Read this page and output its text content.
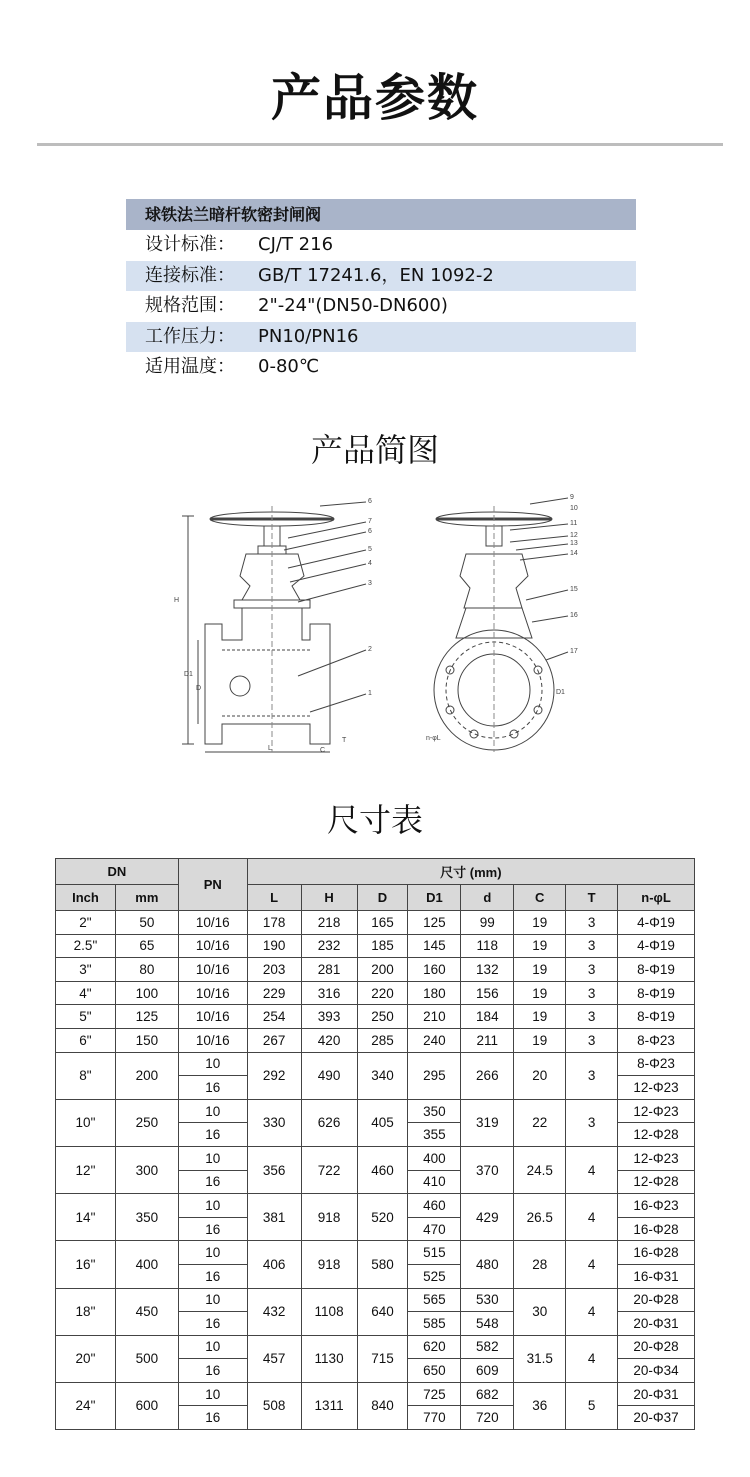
产品参数
球铁法兰暗杆软密封闸阀
设计标准：	CJ/T 216
连接标准：	GB/T 17241.6，EN 1092-2
规格范围：	2"-24"(DN50-DN600)
工作压力：	PN10/PN16
适用温度：	0-80℃
产品简图
6
7
6
5
4
3
2
1
9
10
11
12
13
14
15
16
17
H
L
D1
D
C
T	n-φL
D1
尺寸表
DN		PN	尺寸 (mm)							
Inch	mm		L	H	D	D1	d	C	T	n-φL
2"	50	10/16	178	218	165	125	99	19	3	4-Φ19
2.5"	65	10/16	190	232	185	145	118	19	3	4-Φ19
3"	80	10/16	203	281	200	160	132	19	3	8-Φ19
4"	100	10/16	229	316	220	180	156	19	3	8-Φ19
5"	125	10/16	254	393	250	210	184	19	3	8-Φ19
6"	150	10/16	267	420	285	240	211	19	3	8-Φ23
8"	200	10	292	490	340	295	266	20	3	8-Φ23
		16								12-Φ23
10"	250	10	330	626	405	350	319	22	3	12-Φ23
		16				355				12-Φ28
12"	300	10	356	722	460	400	370	24.5	4	12-Φ23
		16				410				12-Φ28
14"	350	10	381	918	520	460	429	26.5	4	16-Φ23
		16				470				16-Φ28
16"	400	10	406	918	580	515	480	28	4	16-Φ28
		16				525				16-Φ31
18"	450	10	432	1108	640	565	530	30	4	20-Φ28
		16				585	548			20-Φ31
20"	500	10	457	1130	715	620	582	31.5	4	20-Φ28
		16				650	609			20-Φ34
24"	600	10	508	1311	840	725	682	36	5	20-Φ31
		16				770	720			20-Φ37
